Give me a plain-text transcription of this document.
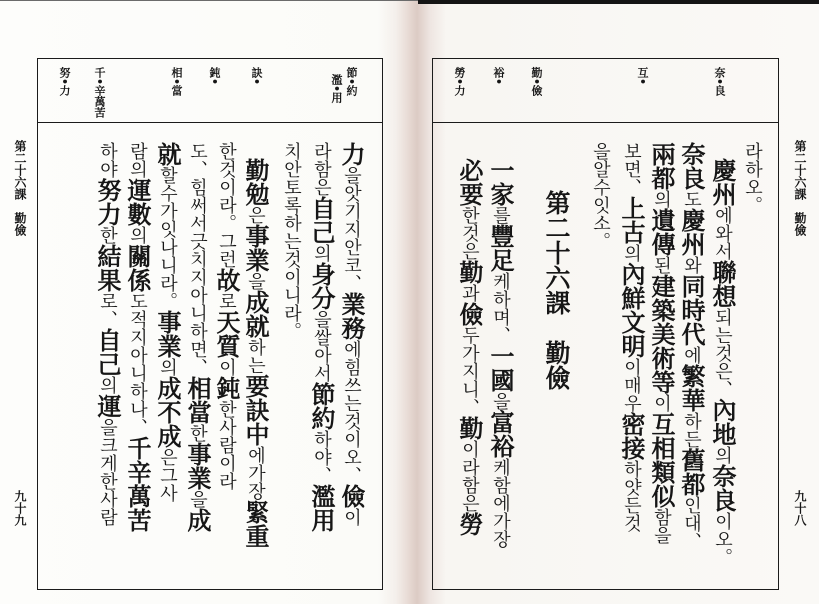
第二十六課　勤儉
九十九
節•約
濫•用
訣•
鈍•
相•當
千•辛萬苦
努•力
力을앗기지안코、業務에힘쓰는것이오、儉이
라함은自己의身分을쌀아서節約하야、濫用
치안토록하는것이니라。
勤勉은事業을成就하는要訣中에가장緊重
한것이라。그런故로天質이鈍한사람이라
도、힘써서긋치지아니하면、相當한事業을成
就할수가잇나니라。事業의成不成은그사
람의運數의關係도적지아니하나、千辛萬苦
하야努力한結果로、自己의運을크게한사람
第二十六課　勤儉
九十八
奈•良
互•
勤•儉
裕•
勞•力
라하오。
慶州에와서聯想되는것은、內地의奈良이오。
奈良도慶州와同時代에繁華하든舊都인대、
兩都의遺傳된建築美術等이互相類似함을
보면、上古의內鮮文明이매우密接하얏든것
을알수잇소。
第二十六課　勤儉
一家를豐足케하며、一國을富裕케함에가장
必要한것은勤과儉두가지니、勤이라함은勞
